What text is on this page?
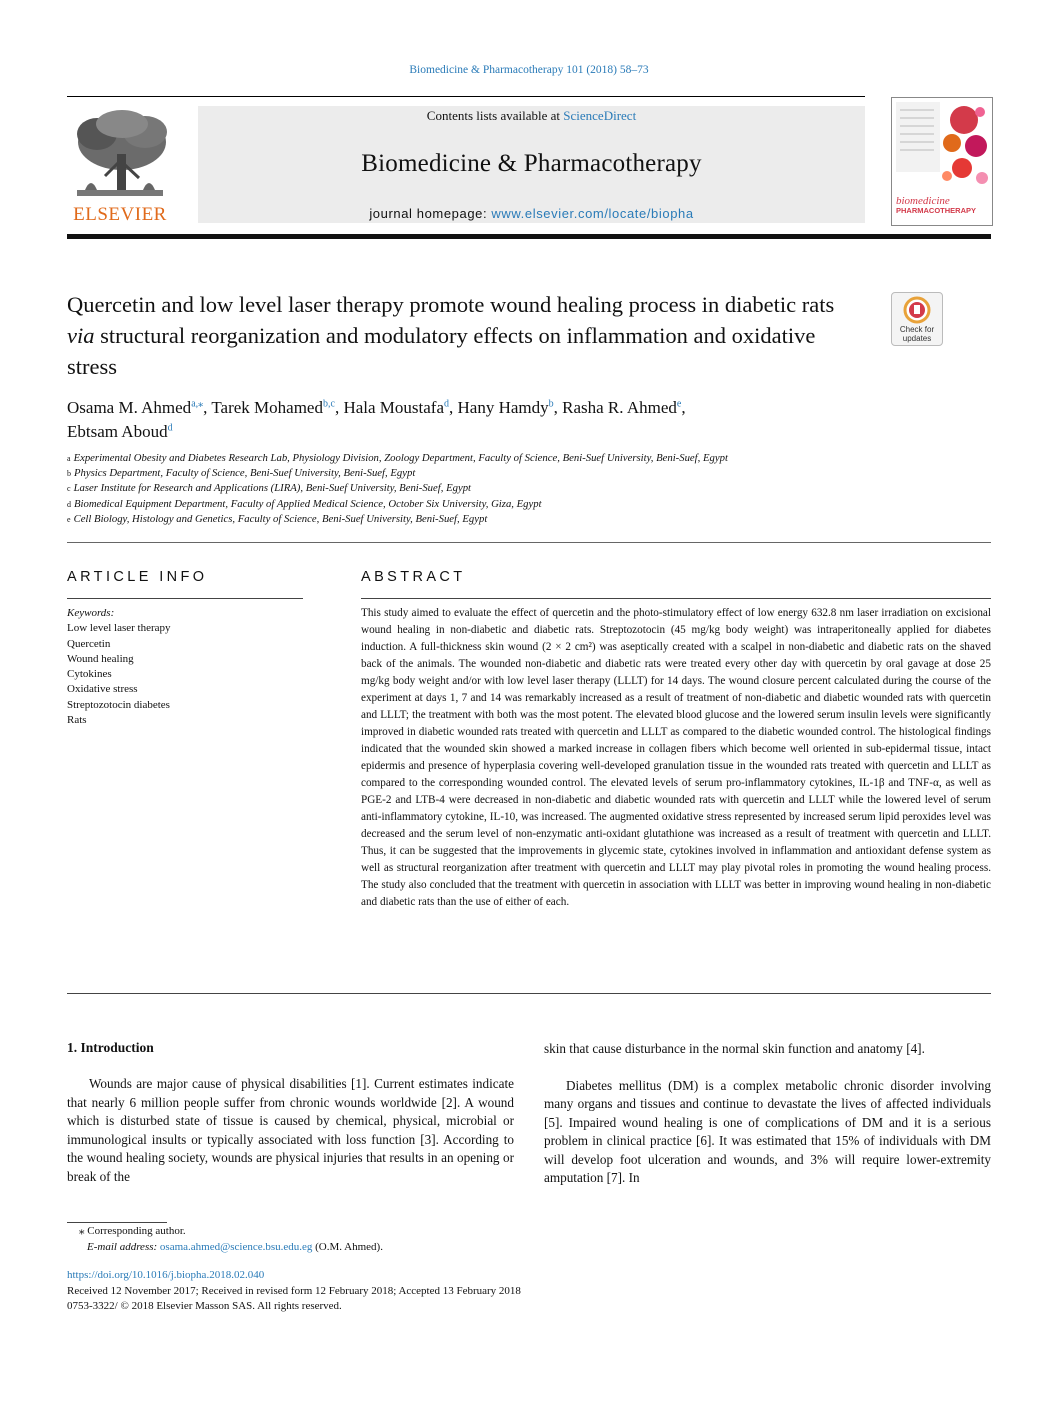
Biomedicine & Pharmacotherapy 101 (2018) 58–73
ELSEVIER
Contents lists available at ScienceDirect
Biomedicine & Pharmacotherapy
journal homepage: www.elsevier.com/locate/biopha
biomedicine
PHARMACOTHERAPY
Quercetin and low level laser therapy promote wound healing process in diabetic rats via structural reorganization and modulatory effects on inflammation and oxidative stress
Check for
updates
Osama M. Ahmed$^{a,⁎}$, Tarek Mohamed$^{b,c}$, Hala Moustafa$^d$, Hany Hamdy$^b$, Rasha R. Ahmed$^e$,
Ebtsam Aboud$^d$
$^a$ Experimental Obesity and Diabetes Research Lab, Physiology Division, Zoology Department, Faculty of Science, Beni-Suef University, Beni-Suef, Egypt
$^b$ Physics Department, Faculty of Science, Beni-Suef University, Beni-Suef, Egypt
$^c$ Laser Institute for Research and Applications (LIRA), Beni-Suef University, Beni-Suef, Egypt
$^d$ Biomedical Equipment Department, Faculty of Applied Medical Science, October Six University, Giza, Egypt
$^e$ Cell Biology, Histology and Genetics, Faculty of Science, Beni-Suef University, Beni-Suef, Egypt
ARTICLE INFO
Keywords:
Low level laser therapy
Quercetin
Wound healing
Cytokines
Oxidative stress
Streptozotocin diabetes
Rats
ABSTRACT
This study aimed to evaluate the effect of quercetin and the photo-stimulatory effect of low energy 632.8 nm laser irradiation on excisional wound healing in non-diabetic and diabetic rats. Streptozotocin (45 mg/kg body weight) was intraperitoneally applied for diabetes induction. A full-thickness skin wound (2 × 2 cm²) was aseptically created with a scalpel in non-diabetic and diabetic rats on the shaved back of the animals. The wounded non-diabetic and diabetic rats were treated every other day with quercetin by oral gavage at dose 25 mg/kg body weight and/or with low level laser therapy (LLLT) for 14 days. The wound closure percent calculated during the course of the experiment at days 1, 7 and 14 was remarkably increased as a result of treatment of non-diabetic and diabetic wounded rats with quercetin and LLLT; the treatment with both was the most potent. The elevated blood glucose and the lowered serum insulin levels were significantly improved in diabetic wounded rats treated with quercetin and LLLT as compared to the diabetic wounded control. The histological findings indicated that the wounded skin showed a marked increase in collagen fibers which become well oriented in sub-epidermal tissue, intact epidermis and presence of hyperplasia covering well-developed granulation tissue in the wounded rats treated with quercetin and LLLT as compared to the corresponding wounded control. The elevated levels of serum pro-inflammatory cytokines, IL-1β and TNF-α, as well as PGE-2 and LTB-4 were decreased in non-diabetic and diabetic wounded rats with quercetin and LLLT while the lowered level of serum anti-inflammatory cytokine, IL-10, was increased. The augmented oxidative stress represented by increased serum lipid peroxides level was decreased and the serum level of non-enzymatic anti-oxidant glutathione was increased as a result of treatment with quercetin and LLLT. Thus, it can be suggested that the improvements in glycemic state, cytokines involved in inflammation and antioxidant defense system as well as structural reorganization after treatment with quercetin and LLLT may play pivotal roles in promoting the wound healing process. The study also concluded that the treatment with quercetin in association with LLLT was better in improving wound healing in non-diabetic and diabetic rats than the use of either of each.
1. Introduction
Wounds are major cause of physical disabilities [1]. Current estimates indicate that nearly 6 million people suffer from chronic wounds worldwide [2]. A wound which is disturbed state of tissue is caused by chemical, physical, microbial or immunological insults or typically associated with loss function [3]. According to the wound healing society, wounds are physical injuries that results in an opening or break of the

skin that cause disturbance in the normal skin function and anatomy [4].

Diabetes mellitus (DM) is a complex metabolic chronic disorder involving many organs and tissues and continue to devastate the lives of affected individuals [5]. Impaired wound healing is one of complications of DM and it is a serious problem in clinical practice [6]. It was estimated that 15% of individuals with DM will develop foot ulceration and wounds, and 3% will require lower-extremity amputation [7]. In

⁎ Corresponding author.
E-mail address: osama.ahmed@science.bsu.edu.eg (O.M. Ahmed).
https://doi.org/10.1016/j.biopha.2018.02.040
Received 12 November 2017; Received in revised form 12 February 2018; Accepted 13 February 2018
0753-3322/ © 2018 Elsevier Masson SAS. All rights reserved.
